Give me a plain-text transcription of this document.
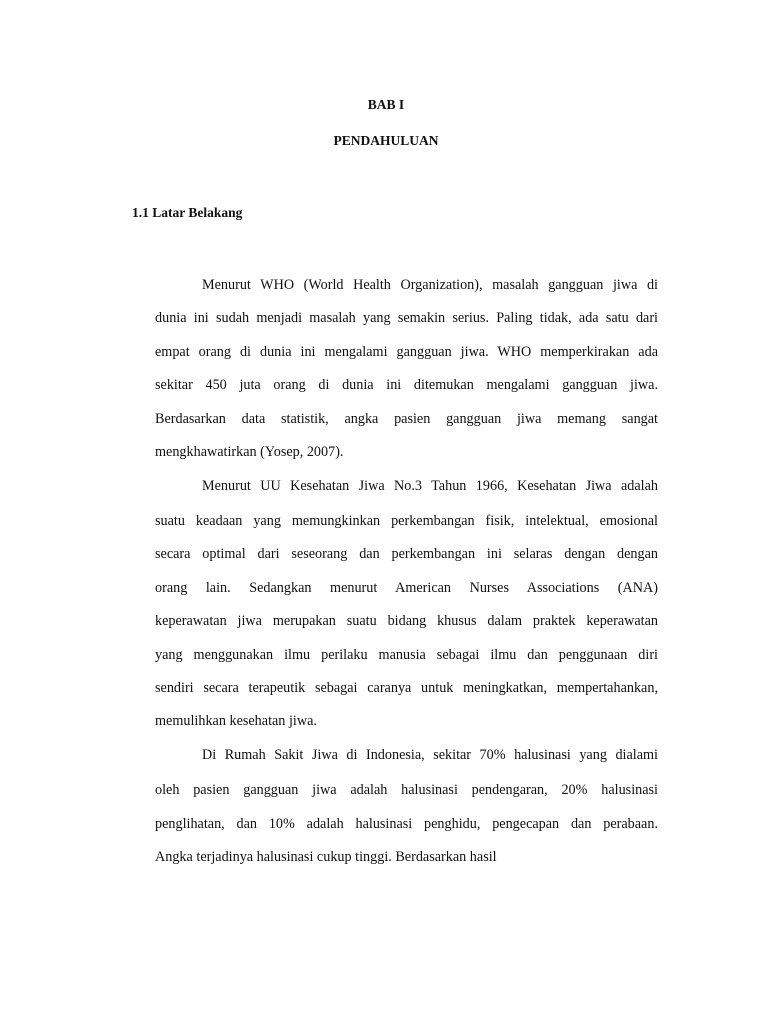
BAB I

PENDAHULUAN

1.1 Latar Belakang

Menurut WHO (World Health Organization), masalah gangguan jiwa di

dunia ini sudah menjadi masalah yang semakin serius. Paling tidak, ada satu dari

empat orang di dunia ini mengalami gangguan jiwa. WHO memperkirakan ada

sekitar 450 juta orang di dunia ini ditemukan mengalami gangguan jiwa.

Berdasarkan data statistik, angka pasien gangguan jiwa memang sangat

mengkhawatirkan (Yosep, 2007).

Menurut UU Kesehatan Jiwa No.3 Tahun 1966, Kesehatan Jiwa adalah

suatu keadaan yang memungkinkan perkembangan fisik, intelektual, emosional

secara optimal dari seseorang dan perkembangan ini selaras dengan dengan

orang lain. Sedangkan menurut American Nurses Associations (ANA)

keperawatan jiwa merupakan suatu bidang khusus dalam praktek keperawatan

yang menggunakan ilmu perilaku manusia sebagai ilmu dan penggunaan diri

sendiri secara terapeutik sebagai caranya untuk meningkatkan, mempertahankan,

memulihkan kesehatan jiwa.

Di Rumah Sakit Jiwa di Indonesia, sekitar 70% halusinasi yang dialami

oleh pasien gangguan jiwa adalah halusinasi pendengaran, 20% halusinasi

penglihatan, dan 10% adalah halusinasi penghidu, pengecapan dan perabaan.

Angka terjadinya halusinasi cukup tinggi. Berdasarkan hasil
